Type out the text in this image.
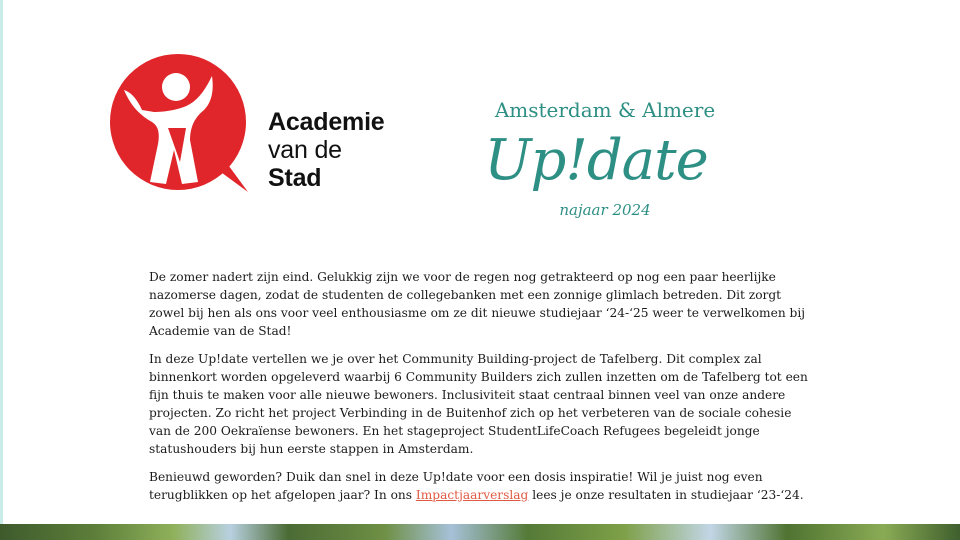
Academie
van de
Stad

Amsterdam & Almere

Up!date

najaar 2024

De zomer nadert zijn eind. Gelukkig zijn we voor de regen nog getrakteerd op nog een paar heerlijke nazomerse dagen, zodat de studenten de collegebanken met een zonnige glimlach betreden. Dit zorgt zowel bij hen als ons voor veel enthousiasme om ze dit nieuwe studiejaar ‘24-‘25 weer te verwelkomen bij Academie van de Stad!

In deze Up!date vertellen we je over het Community Building-project de Tafelberg. Dit complex zal binnenkort worden opgeleverd waarbij 6 Community Builders zich zullen inzetten om de Tafelberg tot een fijn thuis te maken voor alle nieuwe bewoners. Inclusiviteit staat centraal binnen veel van onze andere projecten. Zo richt het project Verbinding in de Buitenhof zich op het verbeteren van de sociale cohesie van de 200 Oekraïense bewoners. En het stageproject StudentLifeCoach Refugees begeleidt jonge statushouders bij hun eerste stappen in Amsterdam.

Benieuwd geworden? Duik dan snel in deze Up!date voor een dosis inspiratie! Wil je juist nog even terugblikken op het afgelopen jaar? In ons Impactjaarverslag lees je onze resultaten in studiejaar ‘23-‘24.
